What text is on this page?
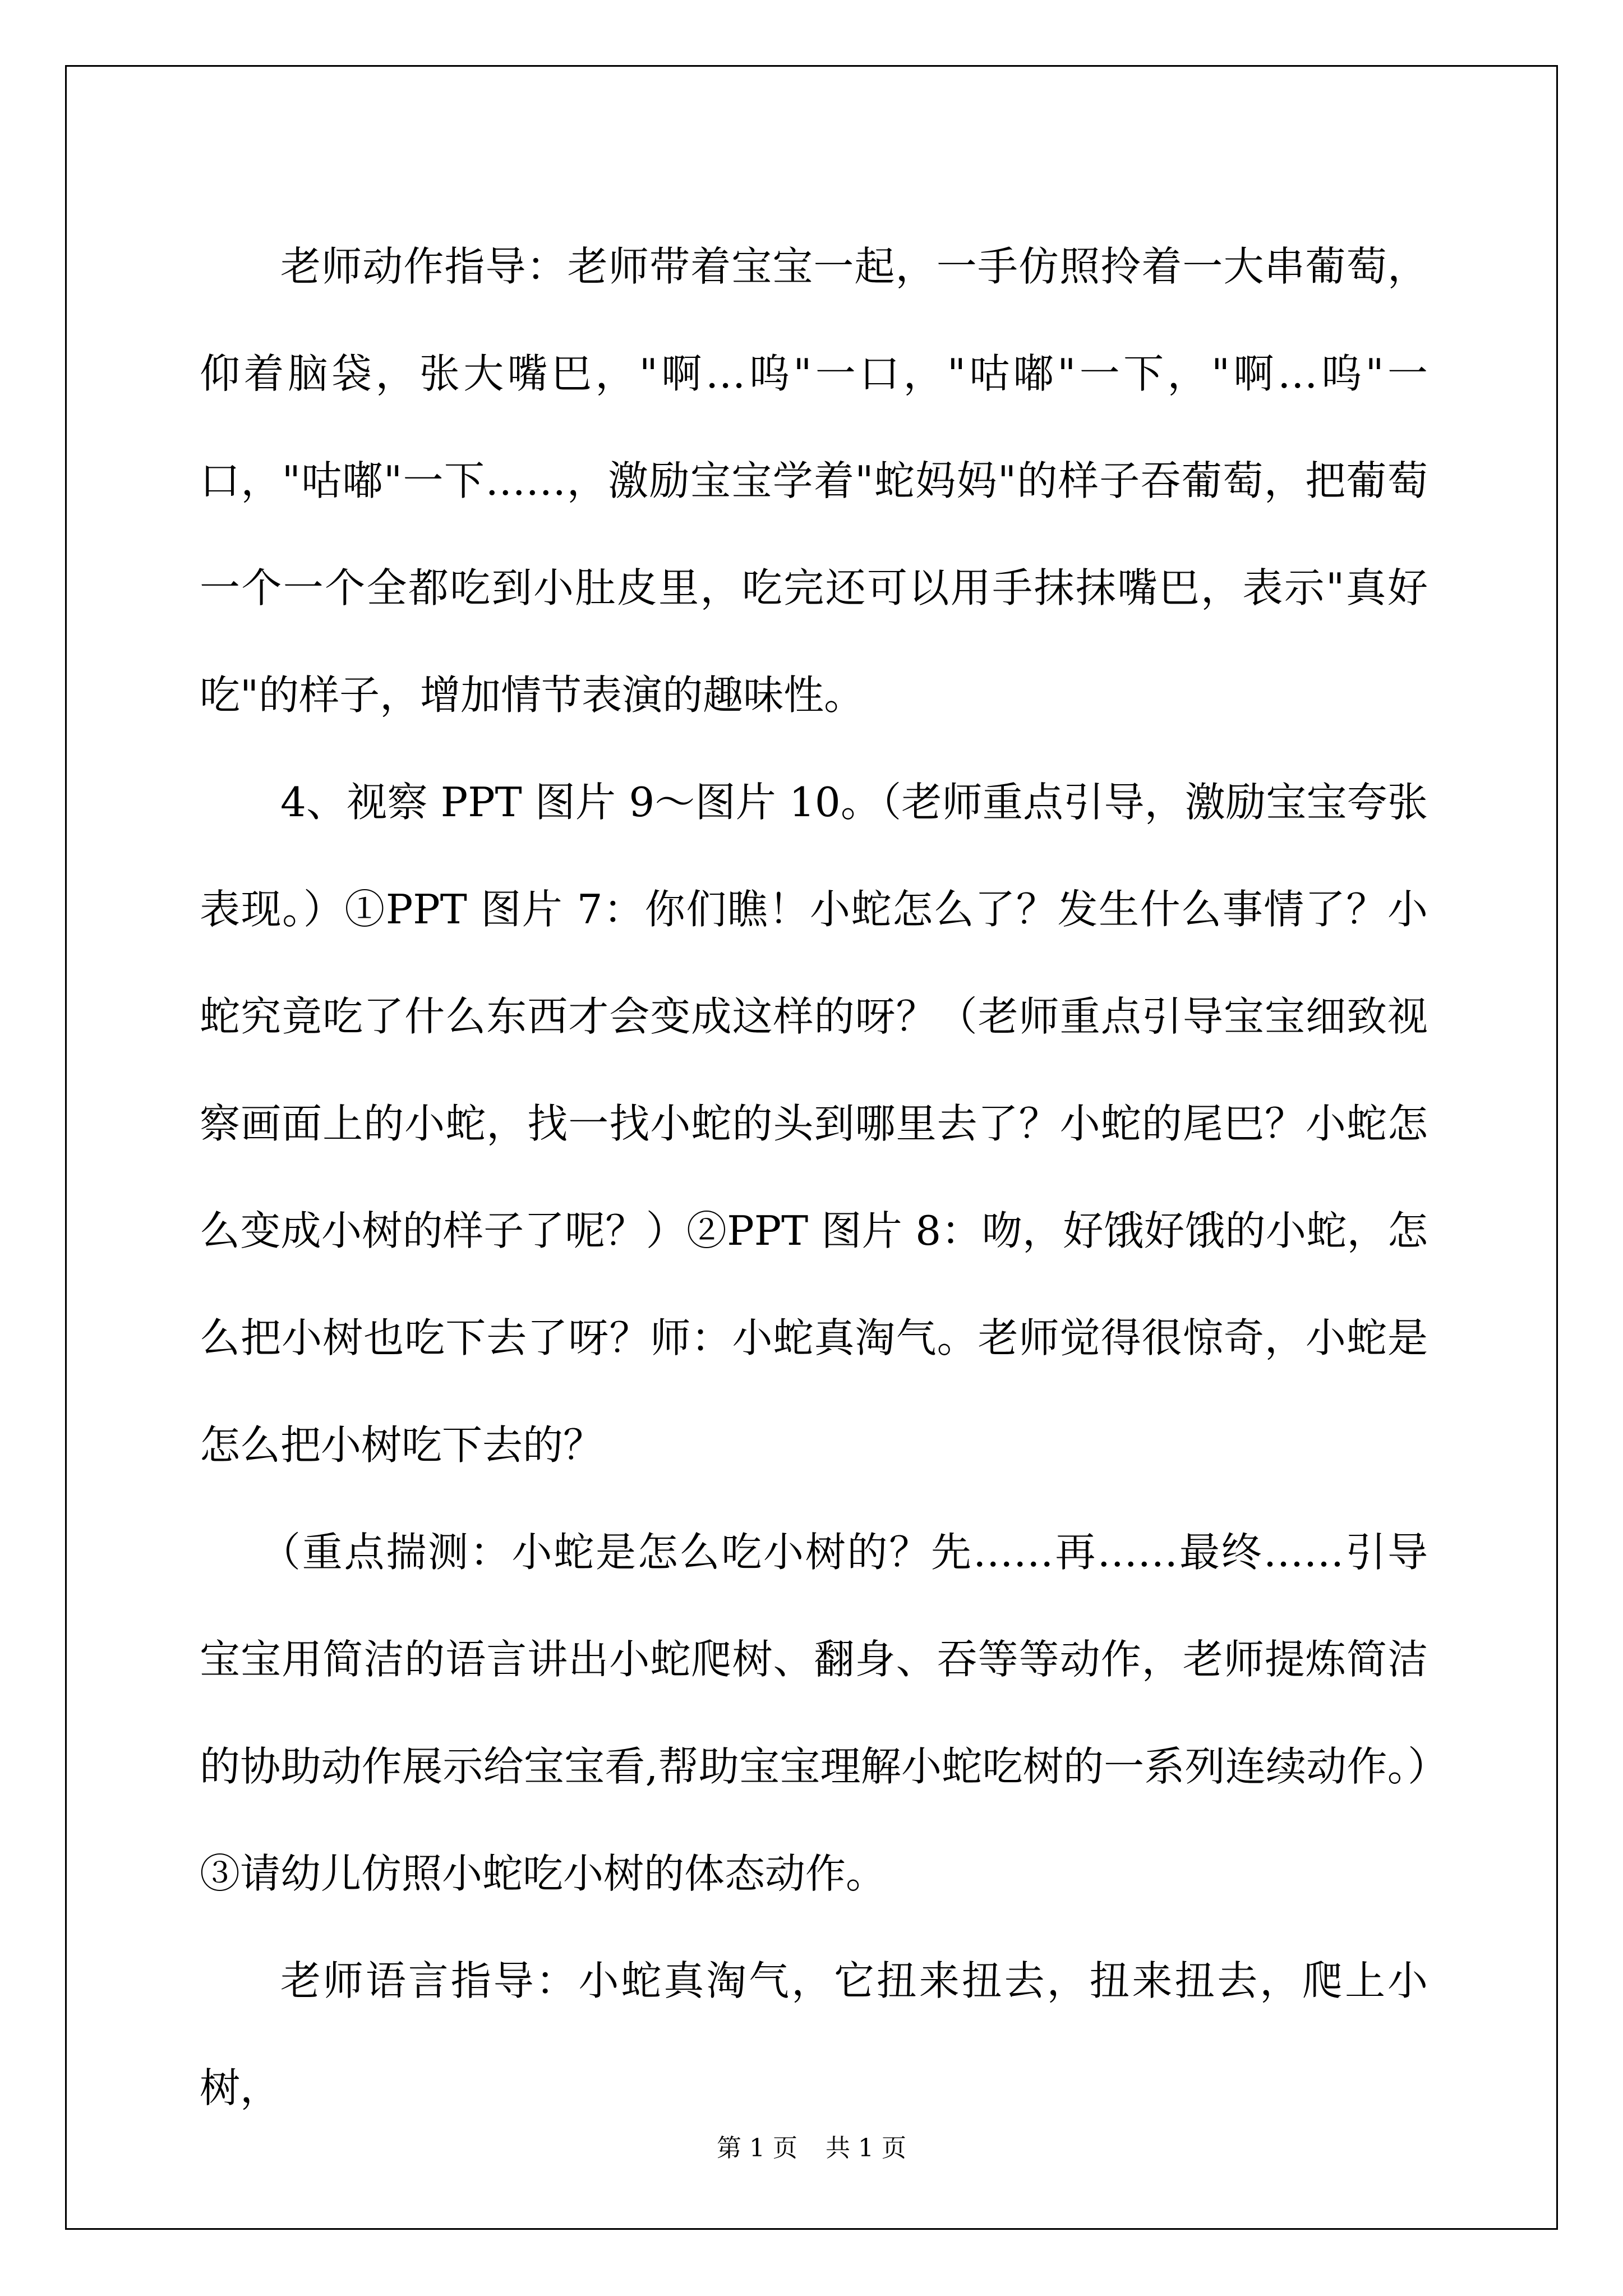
老师动作指导：老师带着宝宝一起，一手仿照拎着一大串葡萄，仰着脑袋，张大嘴巴，"啊…呜"一口，"咕嘟"一下，"啊…呜"一口，"咕嘟"一下……，激励宝宝学着"蛇妈妈"的样子吞葡萄，把葡萄一个一个全都吃到小肚皮里，吃完还可以用手抹抹嘴巴，表示"真好吃"的样子，增加情节表演的趣味性。

4、视察 PPT 图片 9～图片 10。（老师重点引导，激励宝宝夸张表现。）①PPT 图片 7：你们瞧！小蛇怎么了？发生什么事情了？小蛇究竟吃了什么东西才会变成这样的呀？（老师重点引导宝宝细致视察画面上的小蛇，找一找小蛇的头到哪里去了？小蛇的尾巴？小蛇怎么变成小树的样子了呢？）②PPT 图片 8：吻，好饿好饿的小蛇，怎么把小树也吃下去了呀？师：小蛇真淘气。老师觉得很惊奇，小蛇是怎么把小树吃下去的？

（重点揣测：小蛇是怎么吃小树的？先……再……最终……引导宝宝用简洁的语言讲出小蛇爬树、翻身、吞等等动作，老师提炼简洁的协助动作展示给宝宝看,帮助宝宝理解小蛇吃树的一系列连续动作。）③请幼儿仿照小蛇吃小树的体态动作。

老师语言指导：小蛇真淘气，它扭来扭去，扭来扭去，爬上小树，

第 1 页 共 1 页
